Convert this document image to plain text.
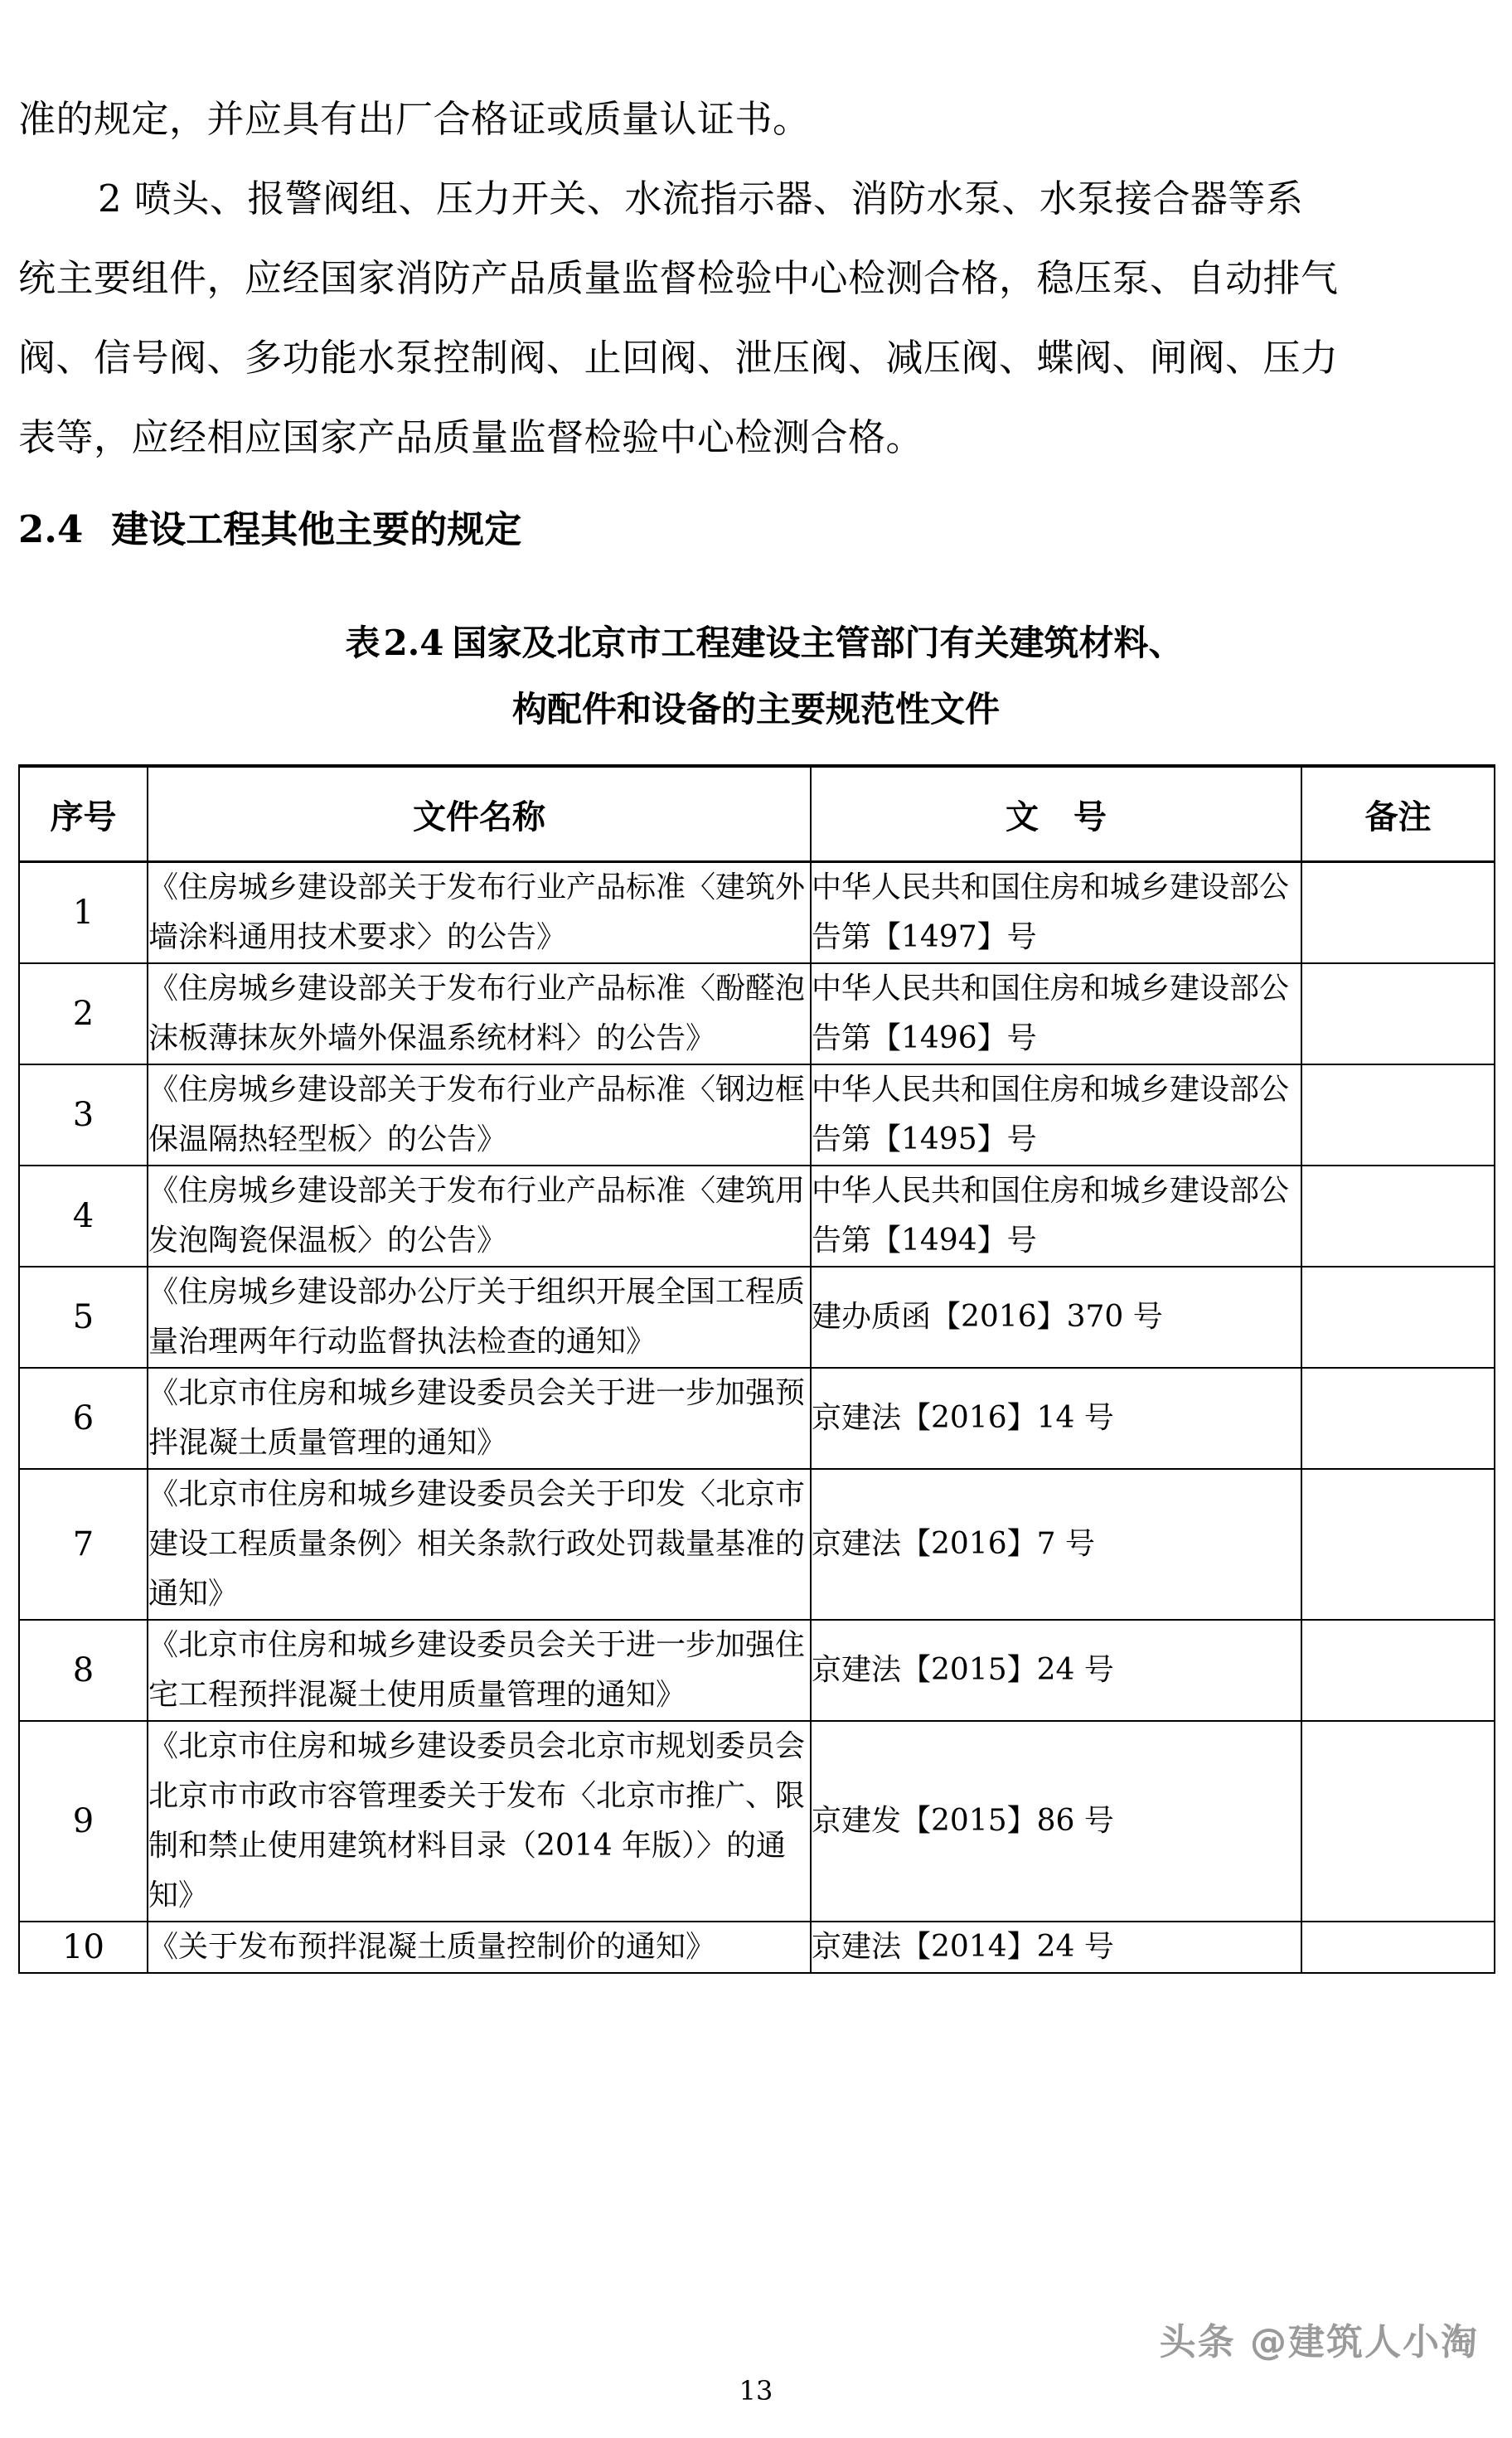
准的规定，并应具有出厂合格证或质量认证书。
2 喷头、报警阀组、压力开关、水流指示器、消防水泵、水泵接合器等系
统主要组件，应经国家消防产品质量监督检验中心检测合格，稳压泵、自动排气
阀、信号阀、多功能水泵控制阀、止回阀、泄压阀、减压阀、蝶阀、闸阀、压力
表等，应经相应国家产品质量监督检验中心检测合格。
2.4 建设工程其他主要的规定
表2.4 国家及北京市工程建设主管部门有关建筑材料、
构配件和设备的主要规范性文件
序号	文件名称	文 号	备注
1	《住房城乡建设部关于发布行业产品标准〈建筑外墙涂料通用技术要求〉的公告》	中华人民共和国住房和城乡建设部公告第【1497】号	
2	《住房城乡建设部关于发布行业产品标准〈酚醛泡沫板薄抹灰外墙外保温系统材料〉的公告》	中华人民共和国住房和城乡建设部公告第【1496】号	
3	《住房城乡建设部关于发布行业产品标准〈钢边框保温隔热轻型板〉的公告》	中华人民共和国住房和城乡建设部公告第【1495】号	
4	《住房城乡建设部关于发布行业产品标准〈建筑用发泡陶瓷保温板〉的公告》	中华人民共和国住房和城乡建设部公告第【1494】号	
5	《住房城乡建设部办公厅关于组织开展全国工程质量治理两年行动监督执法检查的通知》	建办质函【2016】370 号	
6	《北京市住房和城乡建设委员会关于进一步加强预拌混凝土质量管理的通知》	京建法【2016】14 号	
7	《北京市住房和城乡建设委员会关于印发〈北京市建设工程质量条例〉相关条款行政处罚裁量基准的通知》	京建法【2016】7 号	
8	《北京市住房和城乡建设委员会关于进一步加强住宅工程预拌混凝土使用质量管理的通知》	京建法【2015】24 号	
9	《北京市住房和城乡建设委员会北京市规划委员会北京市市政市容管理委关于发布〈北京市推广、限制和禁止使用建筑材料目录（2014 年版）〉的通知》	京建发【2015】86 号	
10	《关于发布预拌混凝土质量控制价的通知》	京建法【2014】24 号	
头条 @建筑人小淘
13
